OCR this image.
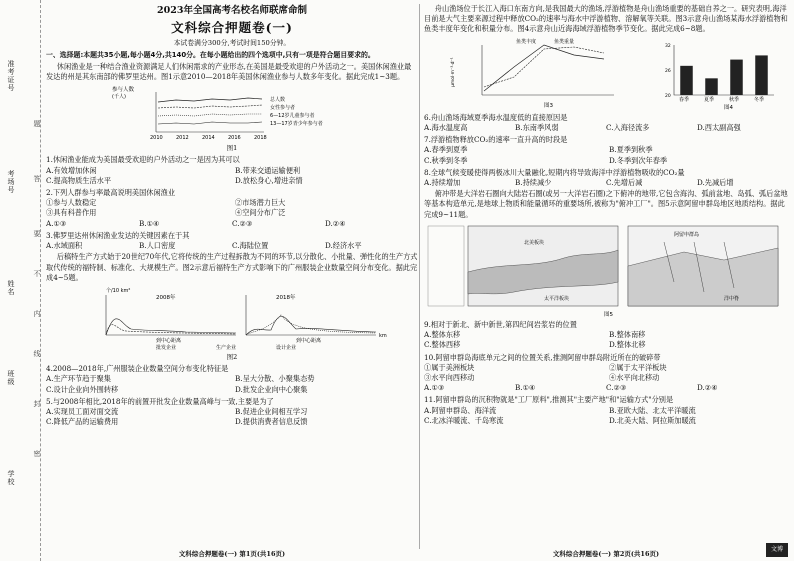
准考证号
考场号
姓名
班级
学校
题
答
要
不
内
线
封
密
2023年全国高考名校名师联席命制
文科综合押题卷(一)
本试卷满分300分,考试时间150分钟。
一、选择题:本题共35小题,每小题4分,共140分。在每小题给出的四个选项中,只有一项是符合题目要求的。
休闲渔业是一种结合渔业资源满足人们休闲需求的产业形态,在美国是最受欢迎的户外活动之一。美国休闲渔业最发达的州是其东南部的佛罗里达州。图1示意2010—2018年美国休闲渔业参与人数多年变化。据此完成1~3题。
参与人数
(千人)	总人数
女性参与者
6—12岁儿童参与者
13—17岁青少年参与者
2010	2012	2014	2016	2018
图1
1.休闲渔业能成为美国最受欢迎的户外活动之一是因为其可以
A.有效增加休闲	B.带来交通运输便利
C.提高物质生活水平	D.放松身心,增进亲情
2.下列人群参与率最高说明美国休闲渔业
①参与人数稳定	②市场潜力巨大
③具有科普作用	④空间分布广泛
A.①③	B.①④	C.②③	D.②④
3.佛罗里达州休闲渔业发达的关键因素在于其
A.水域面积	B.人口密度	C.海陆位置	D.经济水平
后稿特生产方式始于20世纪70年代,它将传统的生产过程拆散为不同的环节,以分散化、小批量、弹性化的生产方式取代传统的福特制、标准化、大规模生产。图2示意后福特生产方式影响下的广州服装企业数量空间分布变化。据此完成4~5题。
个/10 km²
2008年	2018年
到中心距离	到中心距离
km
批发企业	生产企业	设计企业
图2
4.2008—2018年,广州服装企业数量空间分布变化特征是
A.生产环节趋于聚集	B.呈大分散、小聚集态势
C.设计企业向外围转移	D.批发企业向中心聚集
5.与2008年相比,2018年的前置开批发企业数量高峰与一致,主要是为了
A.实现员工面对面交流	B.促进企业间相互学习
C.降低产品的运输费用	D.提供消费者信息反馈
文科综合押题卷(一) 第1页(共16页)
舟山渔场位于长江入海口东南方向,是我国最大的渔场,浮游植物是舟山渔场重要的基础自养之一。研究表明,海洋目前是大气主要来源过程中释放CO₂的速率与海水中浮游植物、溶解氧等关联。图3示意舟山渔场某海水浮游植物和鱼类丰度年变化和积量分布。图4示意舟山近海海域浮游植物季节变化。据此完成6~8题。
鱼类丰度	鱼类重量
μmol·m⁻²·d⁻¹
图3
春季	夏季	秋季	冬季
20
26
32
图4
6.舟山渔场海域夏季海水温度低的直接原因是
A.海水温度高	B.东南季风弱	C.入海径流多	D.西太副高强
7.浮游植物释放CO₂的速率一直升高的时段是
A.春季到夏季	B.夏季到秋季
C.秋季到冬季	D.冬季到次年春季
8.全球气候变暖使得两极冰川大量融化,短期内将导致海洋中浮游植物吸收的CO₂量
A.持续增加	B.持续减少	C.先增后减	D.先减后增
俯冲带是大洋岩石圈向大陆岩石圈(或另一大洋岩石圈)之下俯冲的地带,它包含海沟、弧前盆地、岛弧、弧后盆地等基本构造单元,是地球上物质和能量循环的重要场所,被称为"俯冲工厂"。图5示意阿留申群岛地区地质结构。据此完成9~11题。
北美板块
太平洋板块
阿留申群岛
洋中脊
图5
9.相对于新北、新中新世,第四纪间岩浆岩的位置
A.整体东移	B.整体南移
C.整体西移	D.整体北移
10.阿留申群岛海底单元之间的位置关系,推测阿留申群岛附近所在的破碎带
①属于美洲板块	②属于太平洋板块
③水平向西移动	④水平向北移动
A.①③	B.①④	C.②③	D.②④
11.阿留申群岛的沉积物就是"工厂原料",推测其"主要产地"和"运输方式"分别是
A.阿留申群岛、海洋流	B.亚欧大陆、北太平洋暖流
C.北冰洋暖流、千岛寒流	D.北美大陆、阿拉斯加暖流
文科综合押题卷(一) 第2页(共16页)
文博
